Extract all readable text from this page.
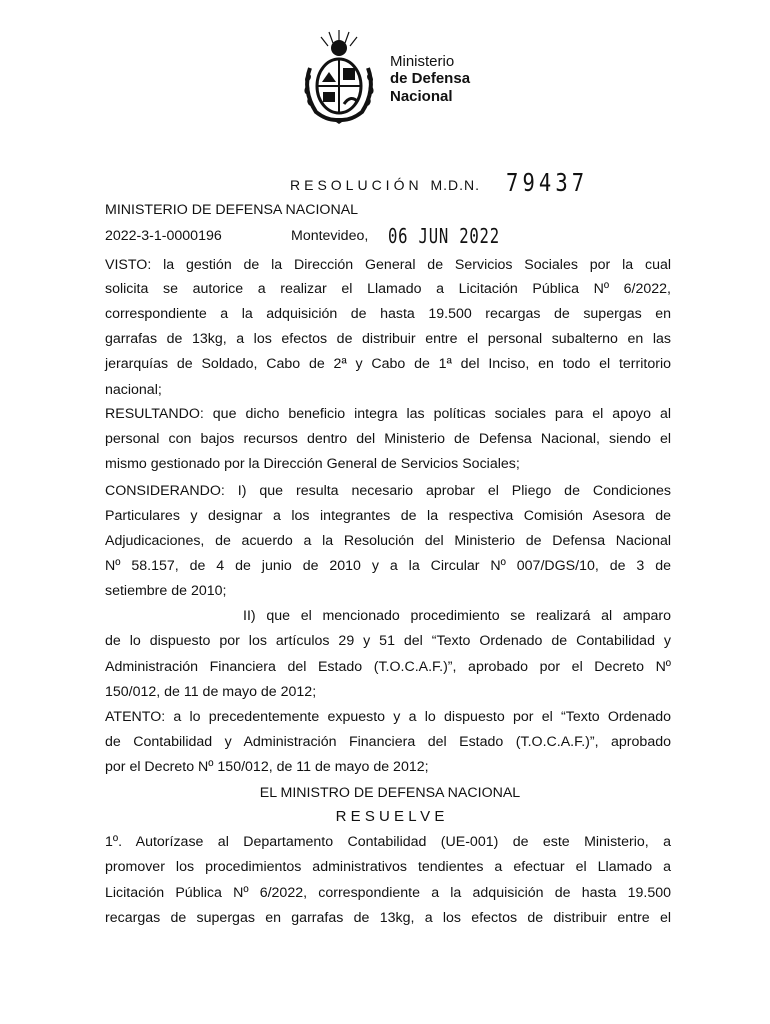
Ministerio
de Defensa
Nacional
RESOLUCIÓN M.D.N. 79437
MINISTERIO DE DEFENSA NACIONAL
2022-3-1-0000196	Montevideo, 06 JUN 2022
VISTO: la gestión de la Dirección General de Servicios Sociales por la cual
solicita se autorice a realizar el Llamado a Licitación Pública Nº 6/2022,
correspondiente a la adquisición de hasta 19.500 recargas de supergas en
garrafas de 13kg, a los efectos de distribuir entre el personal subalterno en las
jerarquías de Soldado, Cabo de 2ª y Cabo de 1ª del Inciso, en todo el territorio
nacional;
RESULTANDO: que dicho beneficio integra las políticas sociales para el apoyo al
personal con bajos recursos dentro del Ministerio de Defensa Nacional, siendo el
mismo gestionado por la Dirección General de Servicios Sociales;
CONSIDERANDO: I) que resulta necesario aprobar el Pliego de Condiciones
Particulares y designar a los integrantes de la respectiva Comisión Asesora de
Adjudicaciones, de acuerdo a la Resolución del Ministerio de Defensa Nacional
Nº 58.157, de 4 de junio de 2010 y a la Circular Nº 007/DGS/10, de 3 de
setiembre de 2010;
II) que el mencionado procedimiento se realizará al amparo
de lo dispuesto por los artículos 29 y 51 del “Texto Ordenado de Contabilidad y
Administración Financiera del Estado (T.O.C.A.F.)”, aprobado por el Decreto Nº
150/012, de 11 de mayo de 2012;
ATENTO: a lo precedentemente expuesto y a lo dispuesto por el “Texto Ordenado
de Contabilidad y Administración Financiera del Estado (T.O.C.A.F.)”, aprobado
por el Decreto Nº 150/012, de 11 de mayo de 2012;
EL MINISTRO DE DEFENSA NACIONAL
R E S U E L V E
1º. Autorízase al Departamento Contabilidad (UE-001) de este Ministerio, a
promover los procedimientos administrativos tendientes a efectuar el Llamado a
Licitación Pública Nº 6/2022, correspondiente a la adquisición de hasta 19.500
recargas de supergas en garrafas de 13kg, a los efectos de distribuir entre el
